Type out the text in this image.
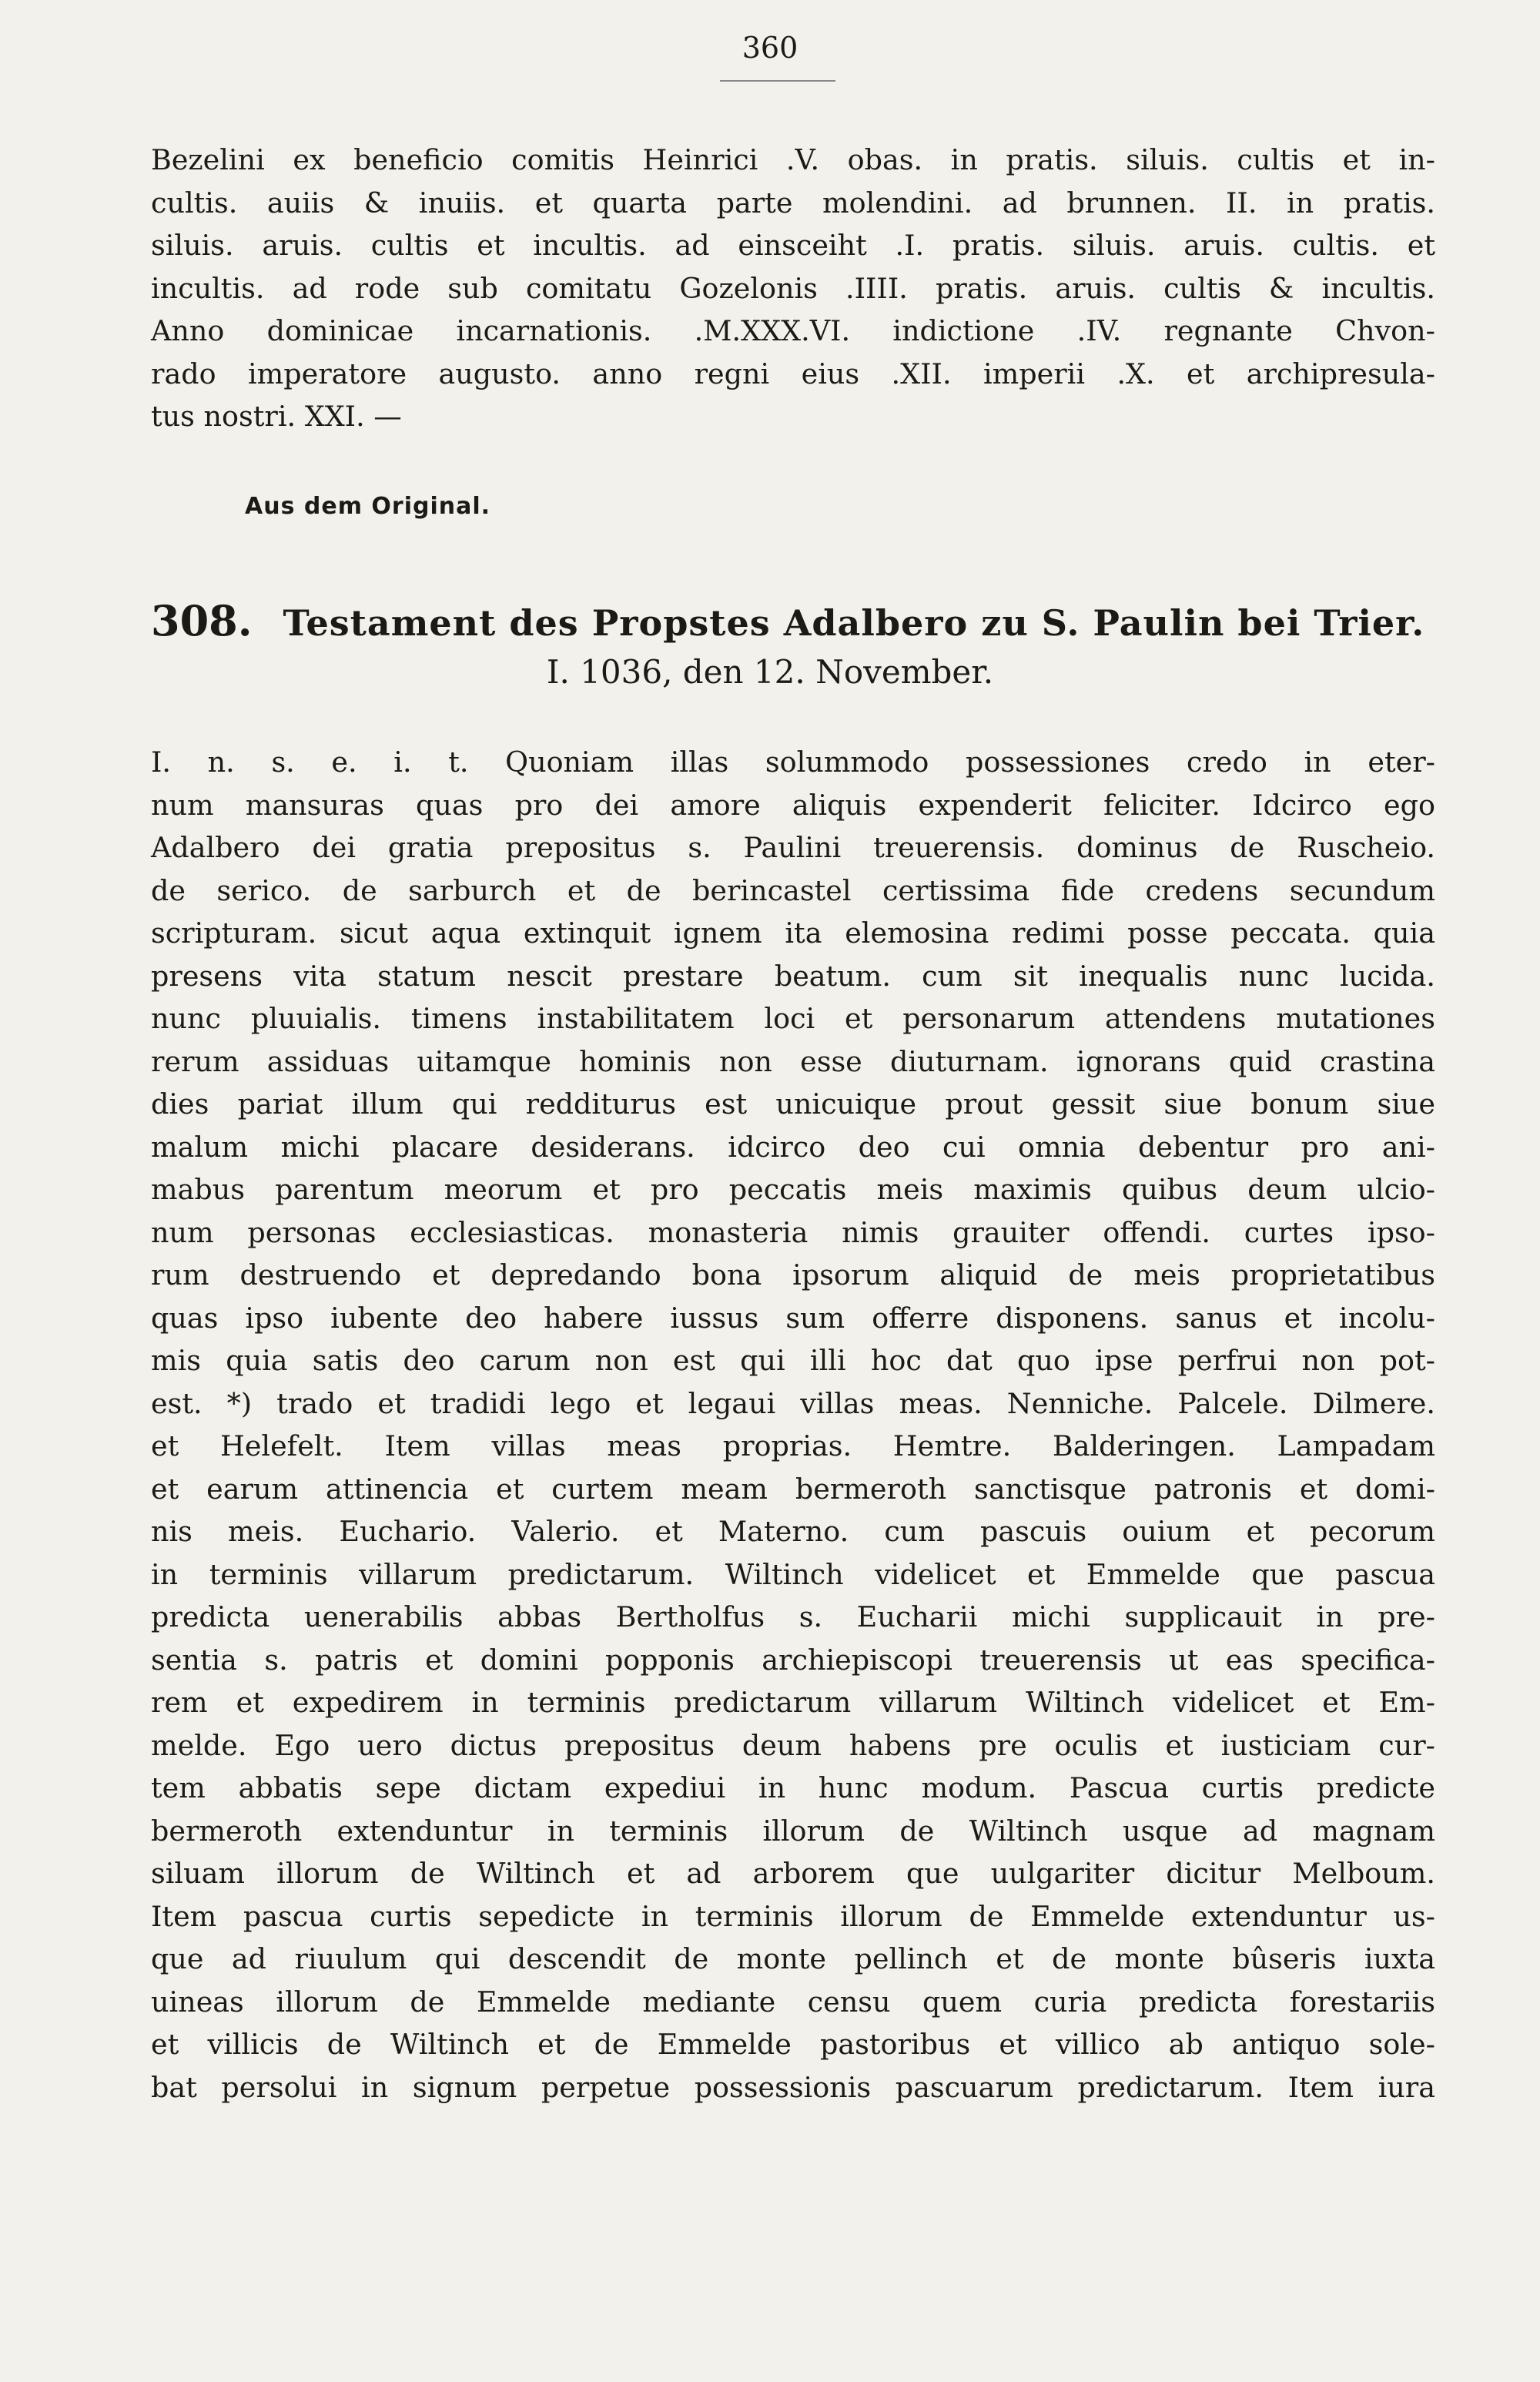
360
Bezelini ex beneficio comitis Heinrici .V. obas. in pratis. siluis. cultis et in-
cultis. auiis & inuiis. et quarta parte molendini. ad brunnen. II. in pratis.
siluis. aruis. cultis et incultis. ad einsceiht .I. pratis. siluis. aruis. cultis. et
incultis. ad rode sub comitatu Gozelonis .IIII. pratis. aruis. cultis & incultis.
Anno dominicae incarnationis. .M.XXX.VI. indictione .IV. regnante Chvon-
rado imperatore augusto. anno regni eius .XII. imperii .X. et archipresula-
tus nostri. XXI. —
Aus dem Original.
308. Testament des Propstes Adalbero zu S. Paulin bei Trier.
I. 1036, den 12. November.
I. n. s. e. i. t. Quoniam illas solummodo possessiones credo in eter-
num mansuras quas pro dei amore aliquis expenderit feliciter. Idcirco ego
Adalbero dei gratia prepositus s. Paulini treuerensis. dominus de Ruscheio.
de serico. de sarburch et de berincastel certissima fide credens secundum
scripturam. sicut aqua extinquit ignem ita elemosina redimi posse peccata. quia
presens vita statum nescit prestare beatum. cum sit inequalis nunc lucida.
nunc pluuialis. timens instabilitatem loci et personarum attendens mutationes
rerum assiduas uitamque hominis non esse diuturnam. ignorans quid crastina
dies pariat illum qui redditurus est unicuique prout gessit siue bonum siue
malum michi placare desiderans. idcirco deo cui omnia debentur pro ani-
mabus parentum meorum et pro peccatis meis maximis quibus deum ulcio-
num personas ecclesiasticas. monasteria nimis grauiter offendi. curtes ipso-
rum destruendo et depredando bona ipsorum aliquid de meis proprietatibus
quas ipso iubente deo habere iussus sum offerre disponens. sanus et incolu-
mis quia satis deo carum non est qui illi hoc dat quo ipse perfrui non pot-
est. *) trado et tradidi lego et legaui villas meas. Nenniche. Palcele. Dilmere.
et Helefelt. Item villas meas proprias. Hemtre. Balderingen. Lampadam
et earum attinencia et curtem meam bermeroth sanctisque patronis et domi-
nis meis. Euchario. Valerio. et Materno. cum pascuis ouium et pecorum
in terminis villarum predictarum. Wiltinch videlicet et Emmelde que pascua
predicta uenerabilis abbas Bertholfus s. Eucharii michi supplicauit in pre-
sentia s. patris et domini popponis archiepiscopi treuerensis ut eas specifica-
rem et expedirem in terminis predictarum villarum Wiltinch videlicet et Em-
melde. Ego uero dictus prepositus deum habens pre oculis et iusticiam cur-
tem abbatis sepe dictam expediui in hunc modum. Pascua curtis predicte
bermeroth extenduntur in terminis illorum de Wiltinch usque ad magnam
siluam illorum de Wiltinch et ad arborem que uulgariter dicitur Melboum.
Item pascua curtis sepedicte in terminis illorum de Emmelde extenduntur us-
que ad riuulum qui descendit de monte pellinch et de monte bûseris iuxta
uineas illorum de Emmelde mediante censu quem curia predicta forestariis
et villicis de Wiltinch et de Emmelde pastoribus et villico ab antiquo sole-
bat persolui in signum perpetue possessionis pascuarum predictarum. Item iura
